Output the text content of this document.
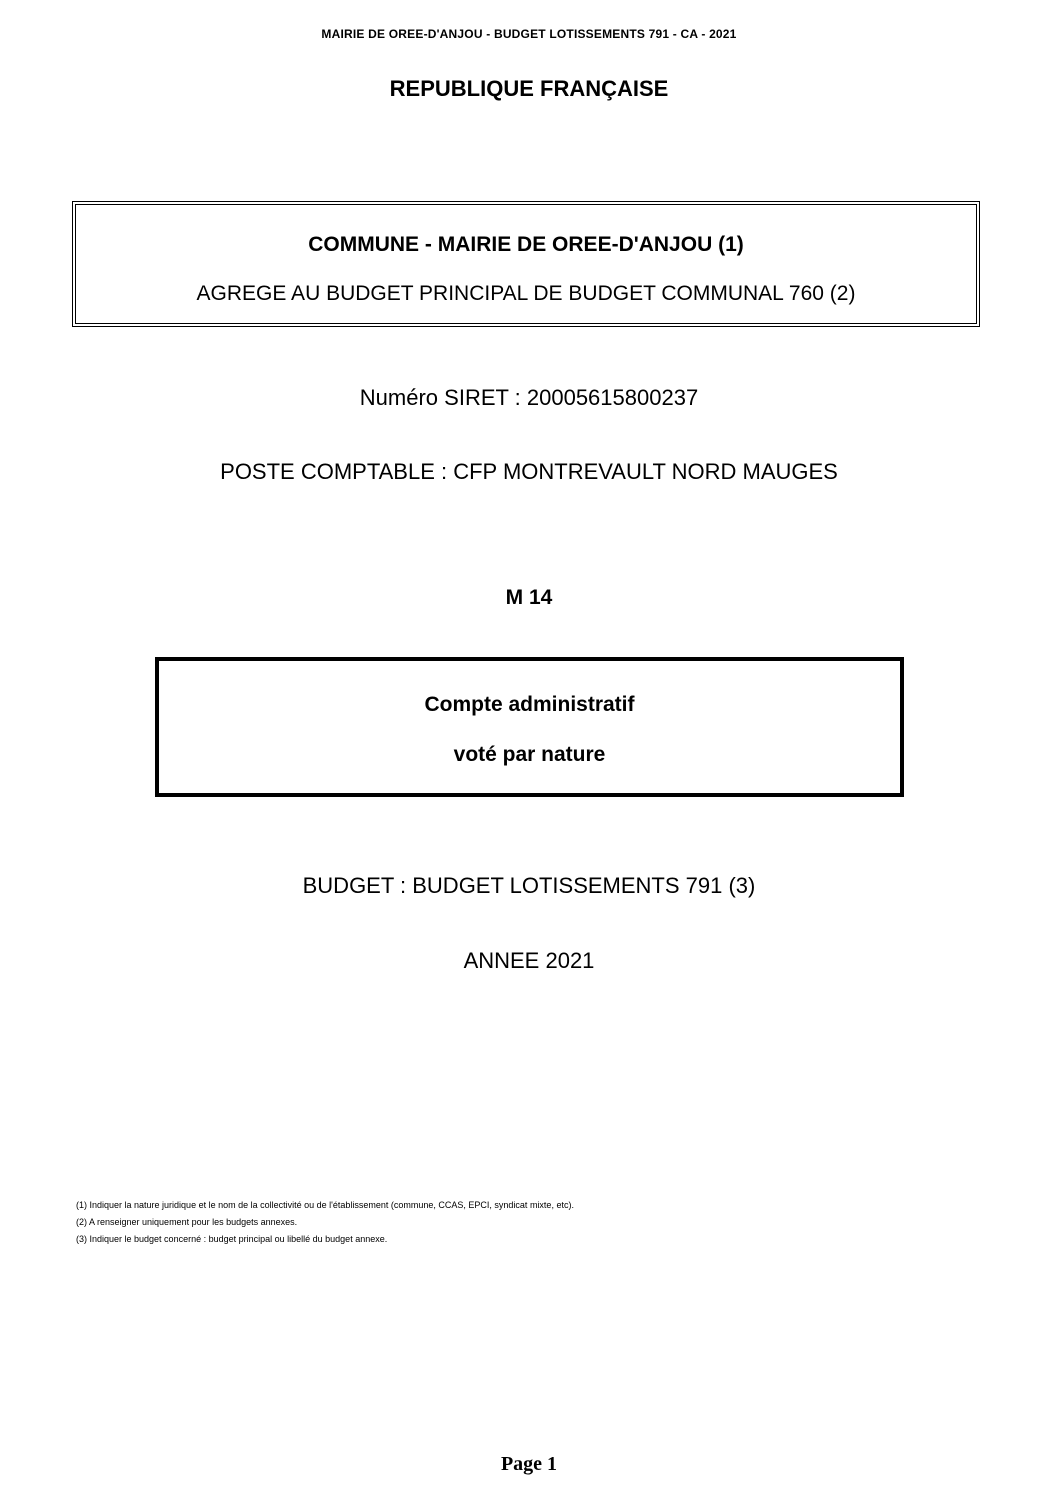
MAIRIE DE OREE-D'ANJOU - BUDGET LOTISSEMENTS 791 - CA - 2021
REPUBLIQUE FRANÇAISE
COMMUNE - MAIRIE DE OREE-D'ANJOU (1)
AGREGE AU BUDGET PRINCIPAL DE BUDGET COMMUNAL 760 (2)
Numéro SIRET : 20005615800237
POSTE COMPTABLE : CFP MONTREVAULT NORD MAUGES
M 14
Compte administratif
voté par nature
BUDGET : BUDGET LOTISSEMENTS 791 (3)
ANNEE 2021
(1) Indiquer la nature juridique et le nom de la collectivité ou de l'établissement (commune, CCAS, EPCI, syndicat mixte, etc).
(2) A renseigner uniquement pour les budgets annexes.
(3) Indiquer le budget concerné : budget principal ou libellé du budget annexe.
Page 1
